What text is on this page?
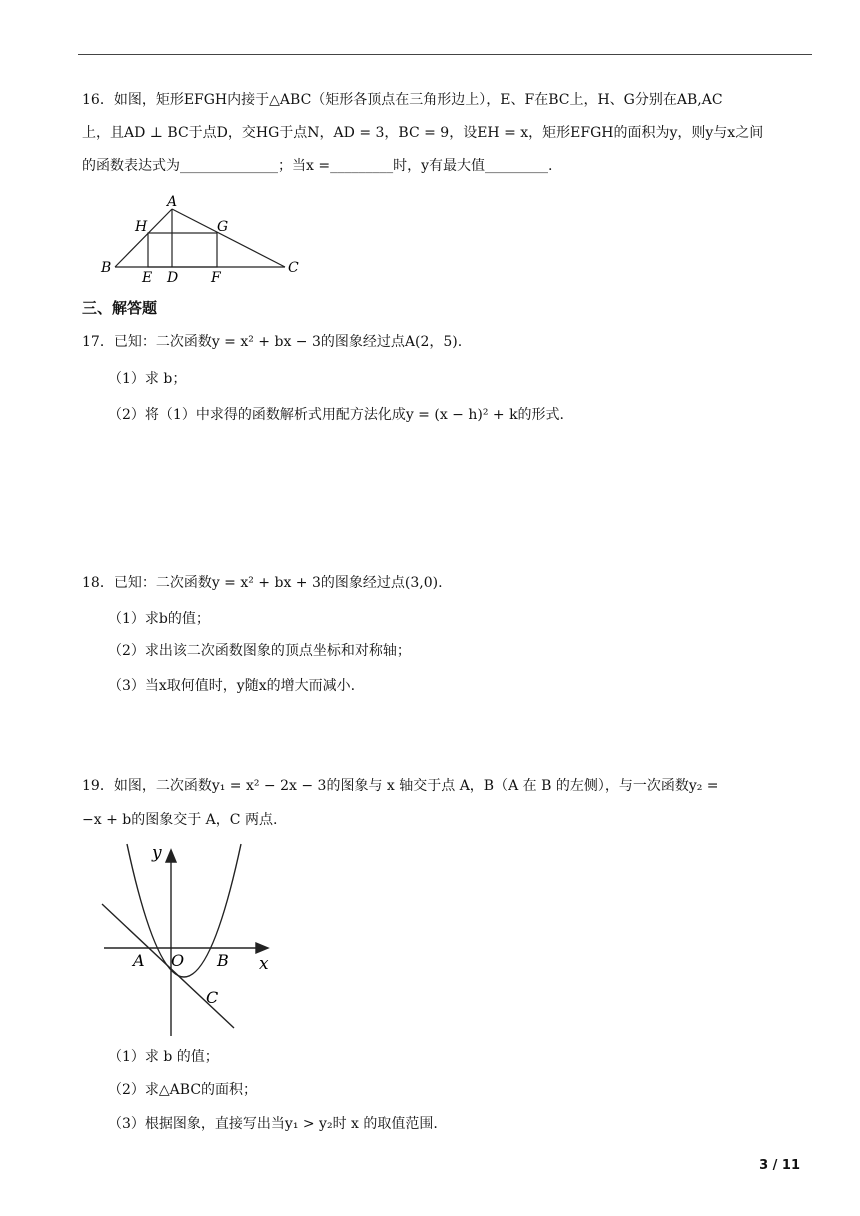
16．如图，矩形EFGH内接于△ABC（矩形各顶点在三角形边上），E、F在BC上，H、G分别在AB,AC
上，且AD ⊥ BC于点D，交HG于点N，AD = 3，BC = 9，设EH = x，矩形EFGH的面积为y，则y与x之间
的函数表达式为______________；当x =_________时，y有最大值_________.
A
H	G
B	C
E D F
三、解答题
17．已知：二次函数y = x² + bx − 3的图象经过点A(2，5).
（1）求 b；
（2）将（1）中求得的函数解析式用配方法化成y = (x − h)² + k的形式.
18．已知：二次函数y = x² + bx + 3的图象经过点(3,0).
（1）求b的值；
（2）求出该二次函数图象的顶点坐标和对称轴；
（3）当x取何值时，y随x的增大而减小.
19．如图，二次函数y₁ = x² − 2x − 3的图象与 x 轴交于点 A，B（A 在 B 的左侧），与一次函数y₂ =
−x + b的图象交于 A，C 两点.
y
x
A O B
C
（1）求 b 的值；
（2）求△ABC的面积；
（3）根据图象，直接写出当y₁ > y₂时 x 的取值范围.
3 / 11
